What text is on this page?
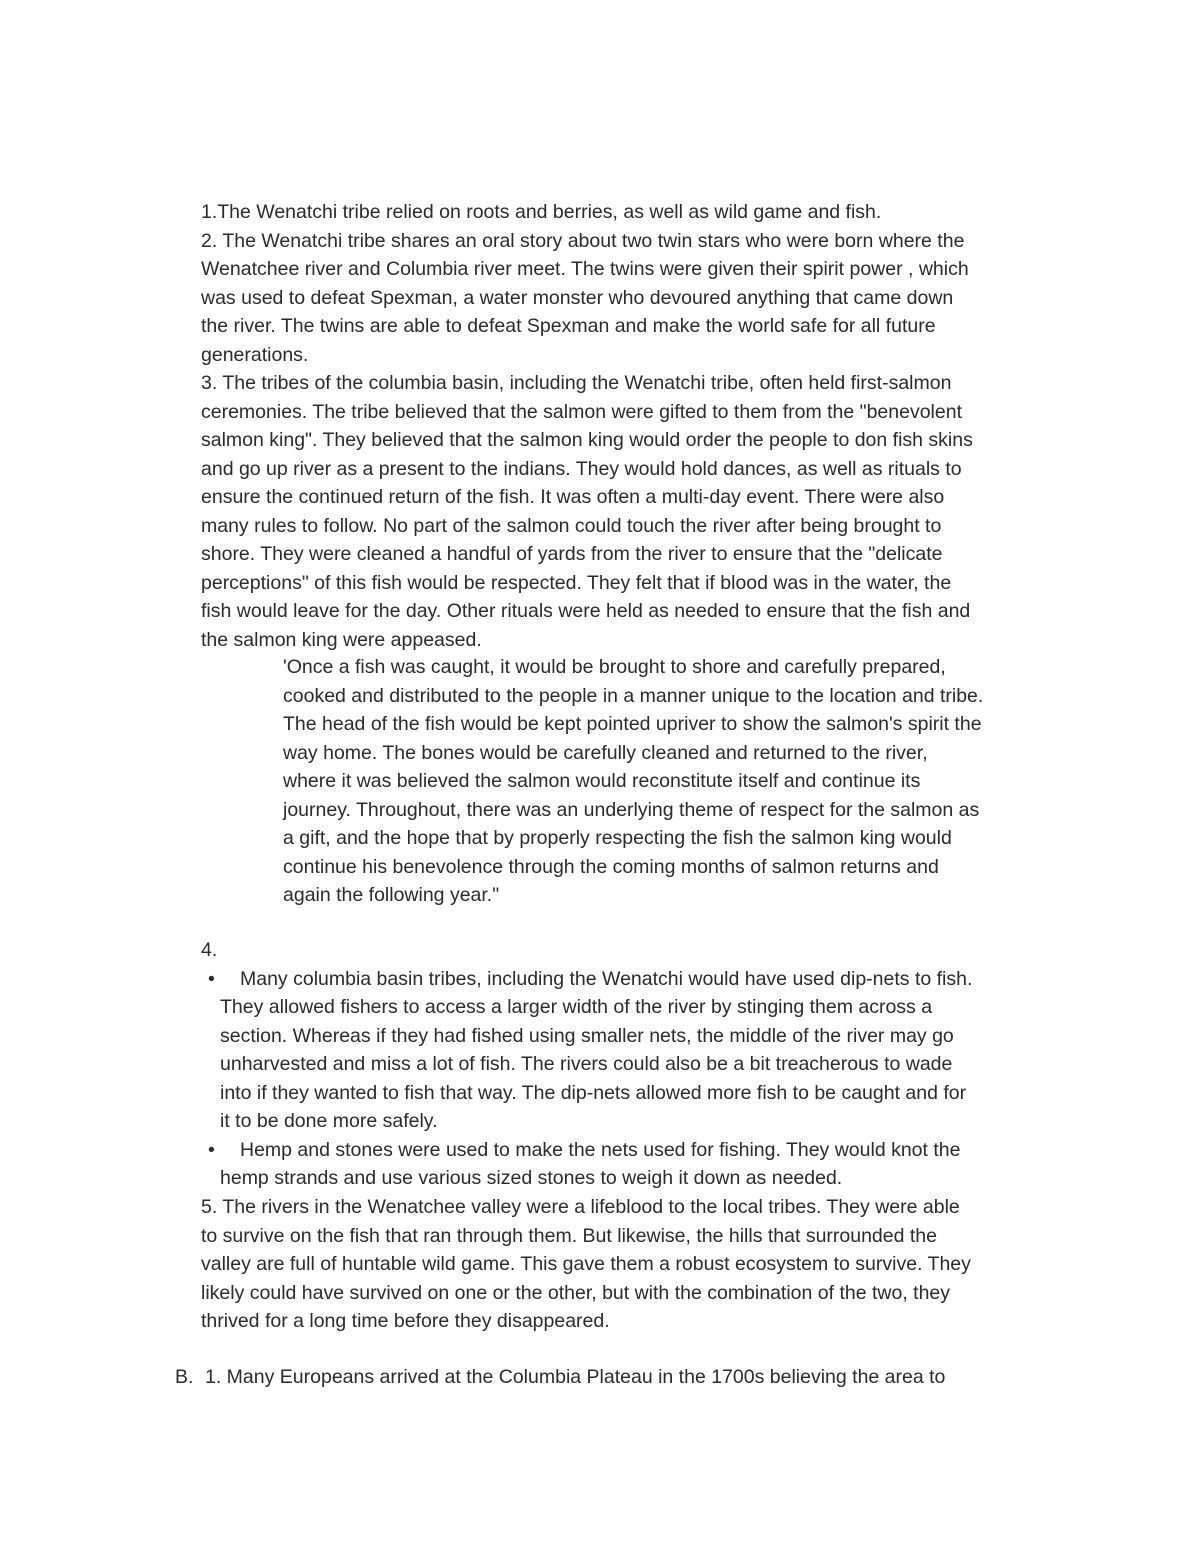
1.The Wenatchi tribe relied on roots and berries, as well as wild game and fish.
2. The Wenatchi tribe shares an oral story about two twin stars who were born where the
Wenatchee river and Columbia river meet. The twins were given their spirit power , which
was used to defeat Spexman, a water monster who devoured anything that came down
the river. The twins are able to defeat Spexman and make the world safe for all future
generations.
3. The tribes of the columbia basin, including the Wenatchi tribe, often held first-salmon
ceremonies. The tribe believed that the salmon were gifted to them from the "benevolent
salmon king". They believed that the salmon king would order the people to don fish skins
and go up river as a present to the indians. They would hold dances, as well as rituals to
ensure the continued return of the fish. It was often a multi-day event. There were also
many rules to follow. No part of the salmon could touch the river after being brought to
shore. They were cleaned a handful of yards from the river to ensure that the "delicate
perceptions" of this fish would be respected. They felt that if blood was in the water, the
fish would leave for the day. Other rituals were held as needed to ensure that the fish and
the salmon king were appeased.
'Once a fish was caught, it would be brought to shore and carefully prepared,
cooked and distributed to the people in a manner unique to the location and tribe.
The head of the fish would be kept pointed upriver to show the salmon's spirit the
way home. The bones would be carefully cleaned and returned to the river,
where it was believed the salmon would reconstitute itself and continue its
journey. Throughout, there was an underlying theme of respect for the salmon as
a gift, and the hope that by properly respecting the fish the salmon king would
continue his benevolence through the coming months of salmon returns and
again the following year."
4.
• Many columbia basin tribes, including the Wenatchi would have used dip-nets to fish.
They allowed fishers to access a larger width of the river by stinging them across a
section. Whereas if they had fished using smaller nets, the middle of the river may go
unharvested and miss a lot of fish. The rivers could also be a bit treacherous to wade
into if they wanted to fish that way. The dip-nets allowed more fish to be caught and for
it to be done more safely.
• Hemp and stones were used to make the nets used for fishing. They would knot the
hemp strands and use various sized stones to weigh it down as needed.
5. The rivers in the Wenatchee valley were a lifeblood to the local tribes. They were able
to survive on the fish that ran through them. But likewise, the hills that surrounded the
valley are full of huntable wild game. This gave them a robust ecosystem to survive. They
likely could have survived on one or the other, but with the combination of the two, they
thrived for a long time before they disappeared.
B. 1. Many Europeans arrived at the Columbia Plateau in the 1700s believing the area to
